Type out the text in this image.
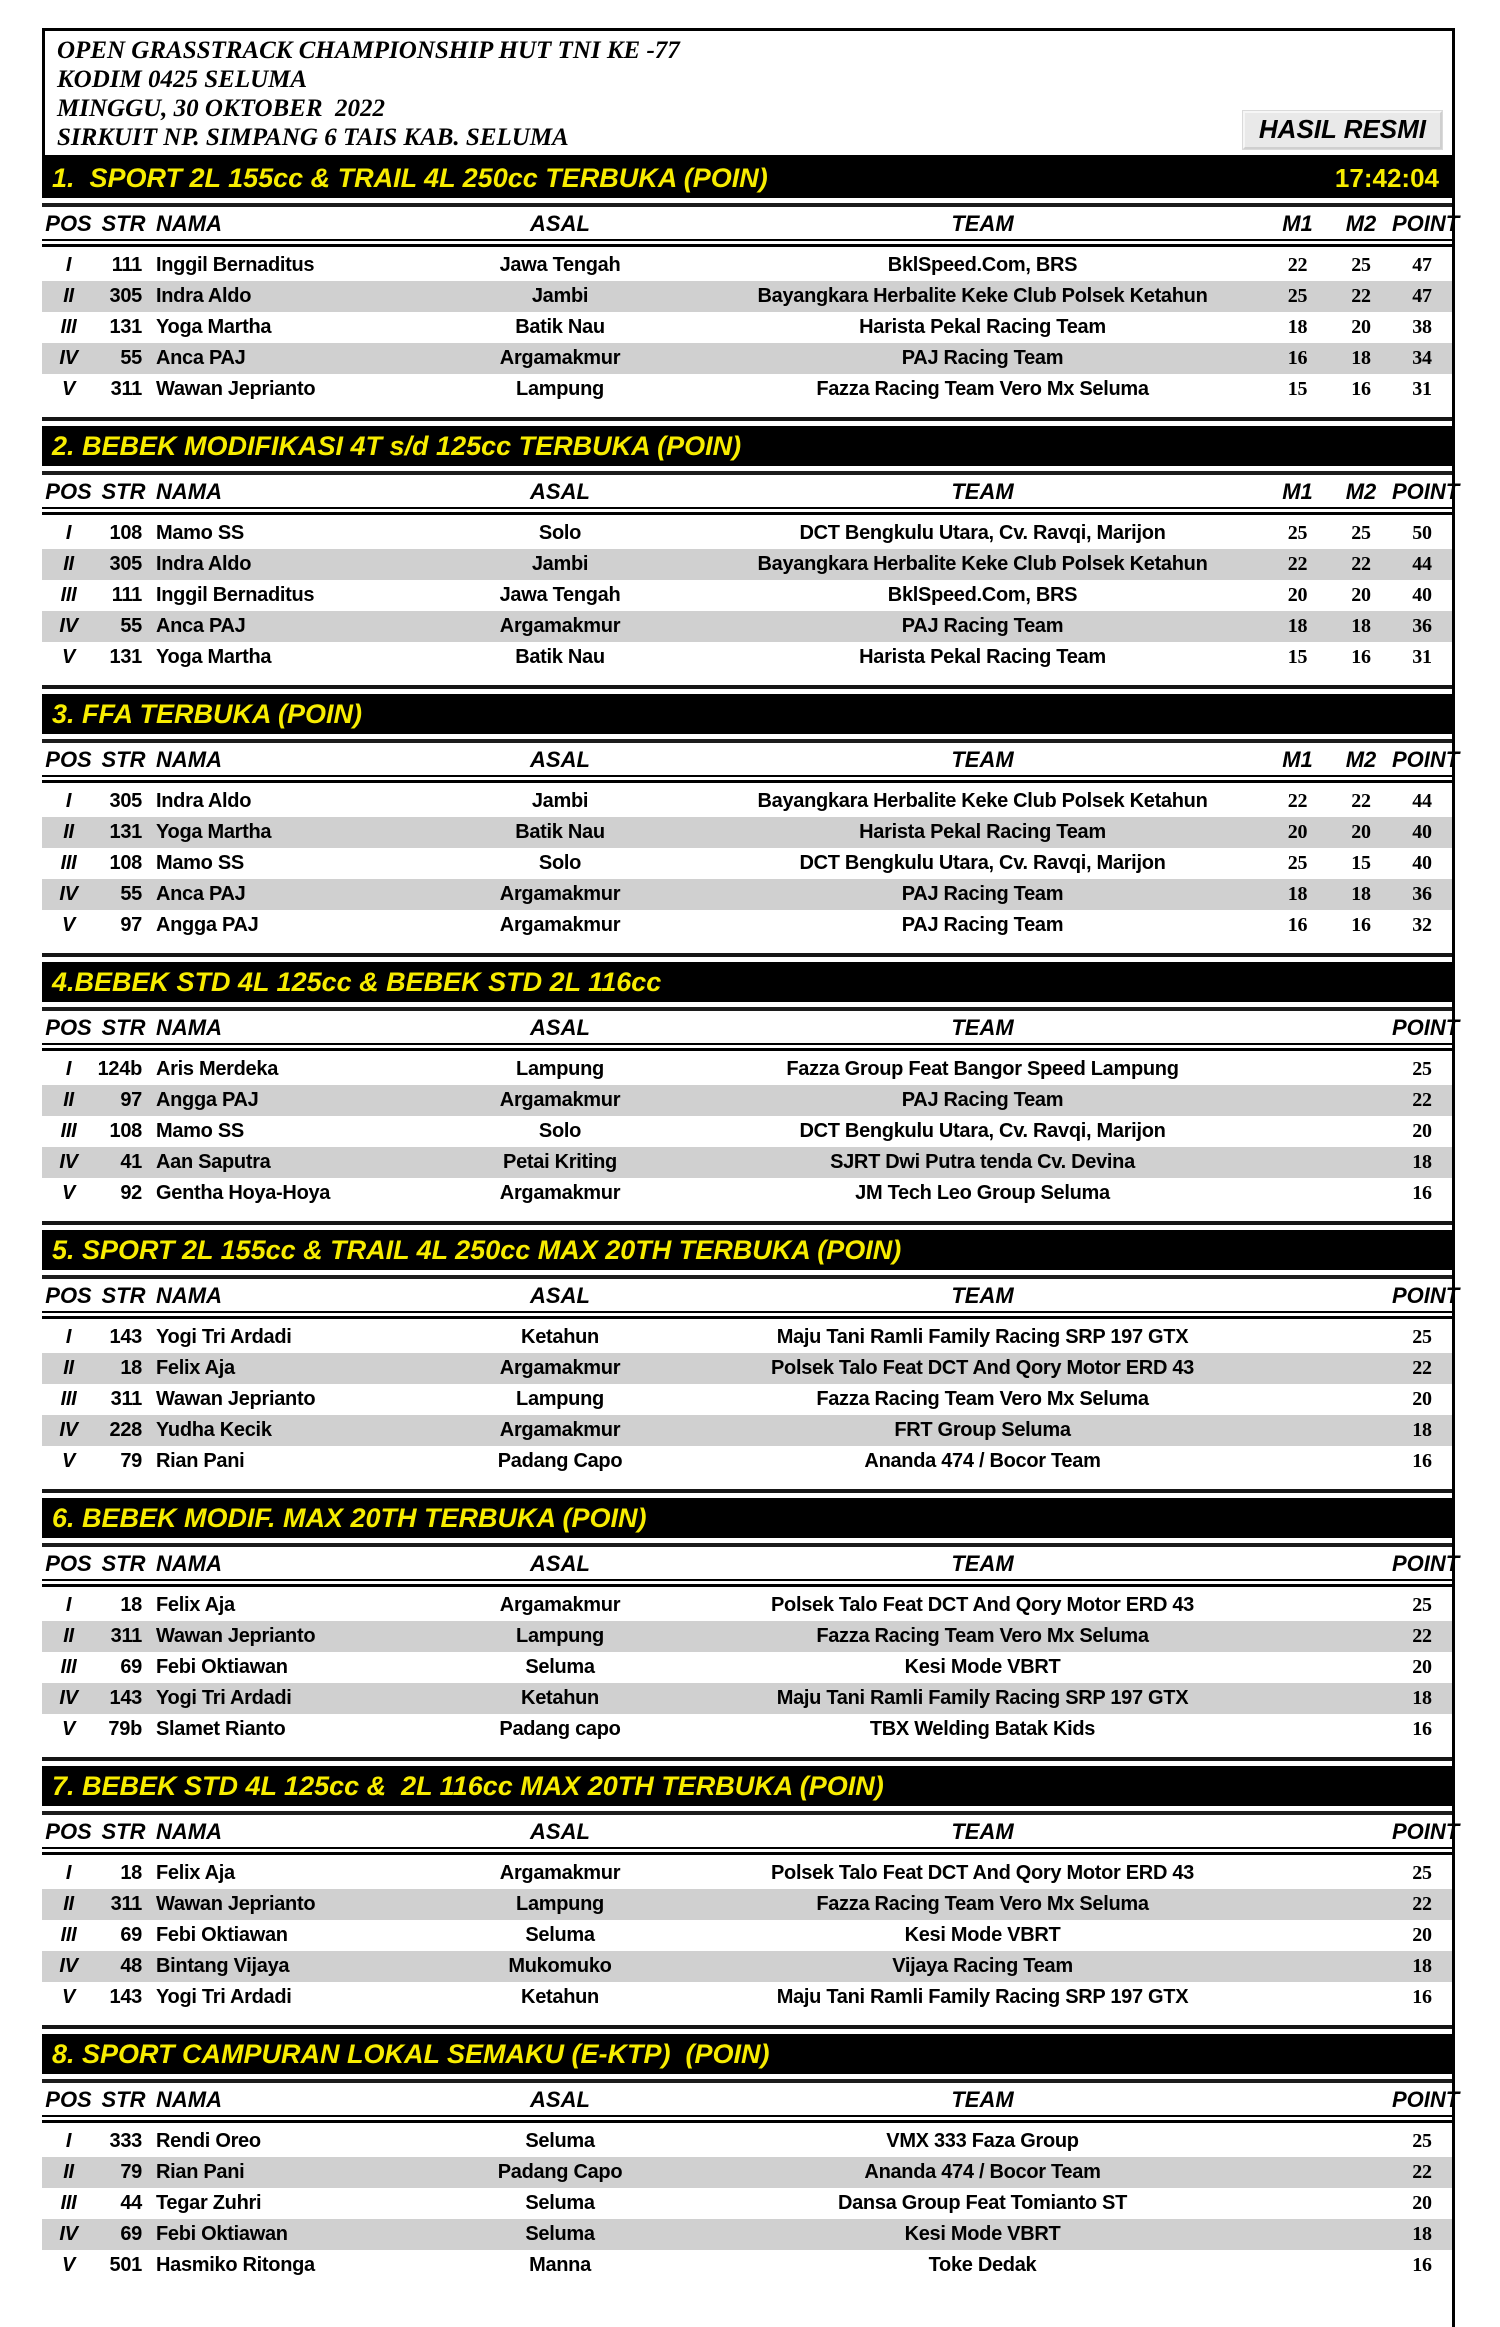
OPEN GRASSTRACK CHAMPIONSHIP HUT TNI KE -77
KODIM 0425 SELUMA
MINGGU, 30 OKTOBER  2022
SIRKUIT NP. SIMPANG 6 TAIS KAB. SELUMA	HASIL RESMI
1.  SPORT 2L 155cc & TRAIL 4L 250cc TERBUKA (POIN)	17:42:04
POS STR NAMA	ASAL	TEAM	M1	M2 POINT
I	111 Inggil Bernaditus	Jawa Tengah	BklSpeed.Com, BRS	22	25	47
II	305 Indra Aldo	Jambi	Bayangkara Herbalite Keke Club Polsek Ketahun	25	22	47
III	131 Yoga Martha	Batik Nau	Harista Pekal Racing Team	18	20	38
IV	55 Anca PAJ	Argamakmur	PAJ Racing Team	16	18	34
V	311 Wawan Jeprianto	Lampung	Fazza Racing Team Vero Mx Seluma	15	16	31
2. BEBEK MODIFIKASI 4T s/d 125cc TERBUKA (POIN)
POS STR NAMA	ASAL	TEAM	M1	M2 POINT
I	108 Mamo SS	Solo	DCT Bengkulu Utara, Cv. Ravqi, Marijon	25	25	50
II	305 Indra Aldo	Jambi	Bayangkara Herbalite Keke Club Polsek Ketahun	22	22	44
III	111 Inggil Bernaditus	Jawa Tengah	BklSpeed.Com, BRS	20	20	40
IV	55 Anca PAJ	Argamakmur	PAJ Racing Team	18	18	36
V	131 Yoga Martha	Batik Nau	Harista Pekal Racing Team	15	16	31
3. FFA TERBUKA (POIN)
POS STR NAMA	ASAL	TEAM	M1	M2 POINT
I	305 Indra Aldo	Jambi	Bayangkara Herbalite Keke Club Polsek Ketahun	22	22	44
II	131 Yoga Martha	Batik Nau	Harista Pekal Racing Team	20	20	40
III	108 Mamo SS	Solo	DCT Bengkulu Utara, Cv. Ravqi, Marijon	25	15	40
IV	55 Anca PAJ	Argamakmur	PAJ Racing Team	18	18	36
V	97 Angga PAJ	Argamakmur	PAJ Racing Team	16	16	32
4.BEBEK STD 4L 125cc & BEBEK STD 2L 116cc
POS STR NAMA	ASAL	TEAM	POINT
I	124b Aris Merdeka	Lampung	Fazza Group Feat Bangor Speed Lampung	25
II	97 Angga PAJ	Argamakmur	PAJ Racing Team	22
III	108 Mamo SS	Solo	DCT Bengkulu Utara, Cv. Ravqi, Marijon	20
IV	41 Aan Saputra	Petai Kriting	SJRT Dwi Putra tenda Cv. Devina	18
V	92 Gentha Hoya-Hoya	Argamakmur	JM Tech Leo Group Seluma	16
5. SPORT 2L 155cc & TRAIL 4L 250cc MAX 20TH TERBUKA (POIN)
POS STR NAMA	ASAL	TEAM	POINT
I	143 Yogi Tri Ardadi	Ketahun	Maju Tani Ramli Family Racing SRP 197 GTX	25
II	18 Felix Aja	Argamakmur	Polsek Talo Feat DCT And Qory Motor ERD 43	22
III	311 Wawan Jeprianto	Lampung	Fazza Racing Team Vero Mx Seluma	20
IV	228 Yudha Kecik	Argamakmur	FRT Group Seluma	18
V	79 Rian Pani	Padang Capo	Ananda 474 / Bocor Team	16
6. BEBEK MODIF. MAX 20TH TERBUKA (POIN)
POS STR NAMA	ASAL	TEAM	POINT
I	18 Felix Aja	Argamakmur	Polsek Talo Feat DCT And Qory Motor ERD 43	25
II	311 Wawan Jeprianto	Lampung	Fazza Racing Team Vero Mx Seluma	22
III	69 Febi Oktiawan	Seluma	Kesi Mode VBRT	20
IV	143 Yogi Tri Ardadi	Ketahun	Maju Tani Ramli Family Racing SRP 197 GTX	18
V	79b Slamet Rianto	Padang capo	TBX Welding Batak Kids	16
7. BEBEK STD 4L 125cc &  2L 116cc MAX 20TH TERBUKA (POIN)
POS STR NAMA	ASAL	TEAM	POINT
I	18 Felix Aja	Argamakmur	Polsek Talo Feat DCT And Qory Motor ERD 43	25
II	311 Wawan Jeprianto	Lampung	Fazza Racing Team Vero Mx Seluma	22
III	69 Febi Oktiawan	Seluma	Kesi Mode VBRT	20
IV	48 Bintang Vijaya	Mukomuko	Vijaya Racing Team	18
V	143 Yogi Tri Ardadi	Ketahun	Maju Tani Ramli Family Racing SRP 197 GTX	16
8. SPORT CAMPURAN LOKAL SEMAKU (E-KTP)  (POIN)
POS STR NAMA	ASAL	TEAM	POINT
I	333 Rendi Oreo	Seluma	VMX 333 Faza Group	25
II	79 Rian Pani	Padang Capo	Ananda 474 / Bocor Team	22
III	44 Tegar Zuhri	Seluma	Dansa Group Feat Tomianto ST	20
IV	69 Febi Oktiawan	Seluma	Kesi Mode VBRT	18
V	501 Hasmiko Ritonga	Manna	Toke Dedak	16
